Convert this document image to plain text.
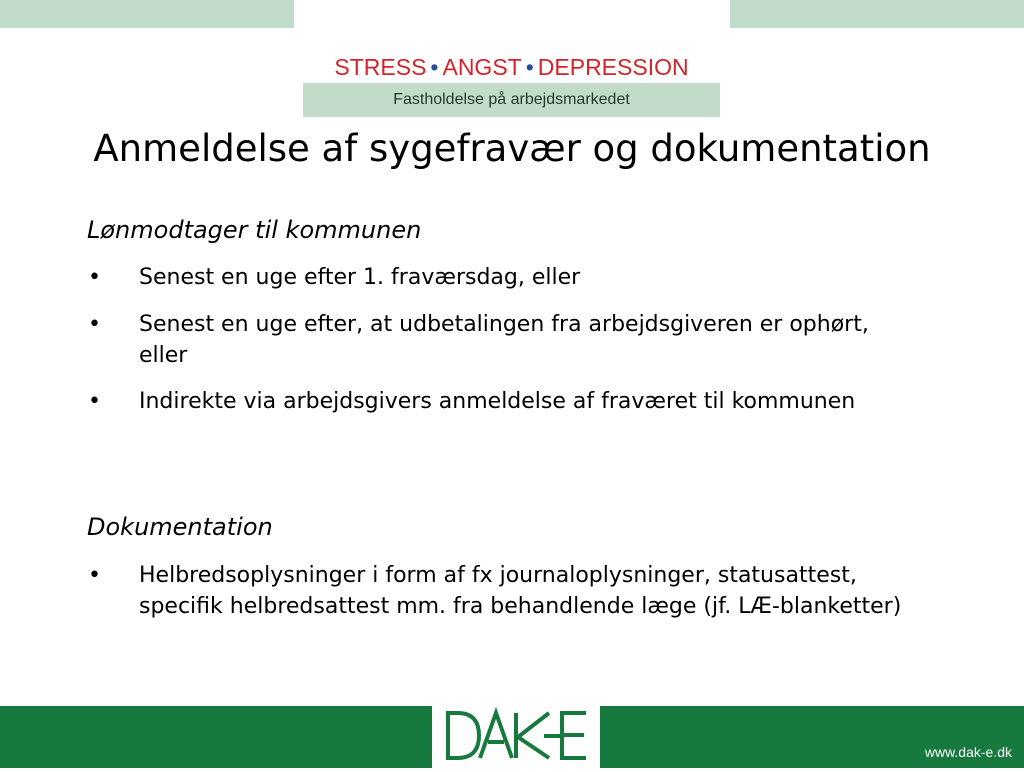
STRESS • ANGST • DEPRESSION
Fastholdelse på arbejdsmarkedet
Anmeldelse af sygefravær og dokumentation
Lønmodtager til kommunen
• Senest en uge efter 1. fraværsdag, eller
• Senest en uge efter, at udbetalingen fra arbejdsgiveren er ophørt, eller
• Indirekte via arbejdsgivers anmeldelse af fraværet til kommunen
Dokumentation
• Helbredsoplysninger i form af fx journaloplysninger, statusattest, specifik helbredsattest mm. fra behandlende læge (jf. LÆ-blanketter)
www.dak-e.dk
